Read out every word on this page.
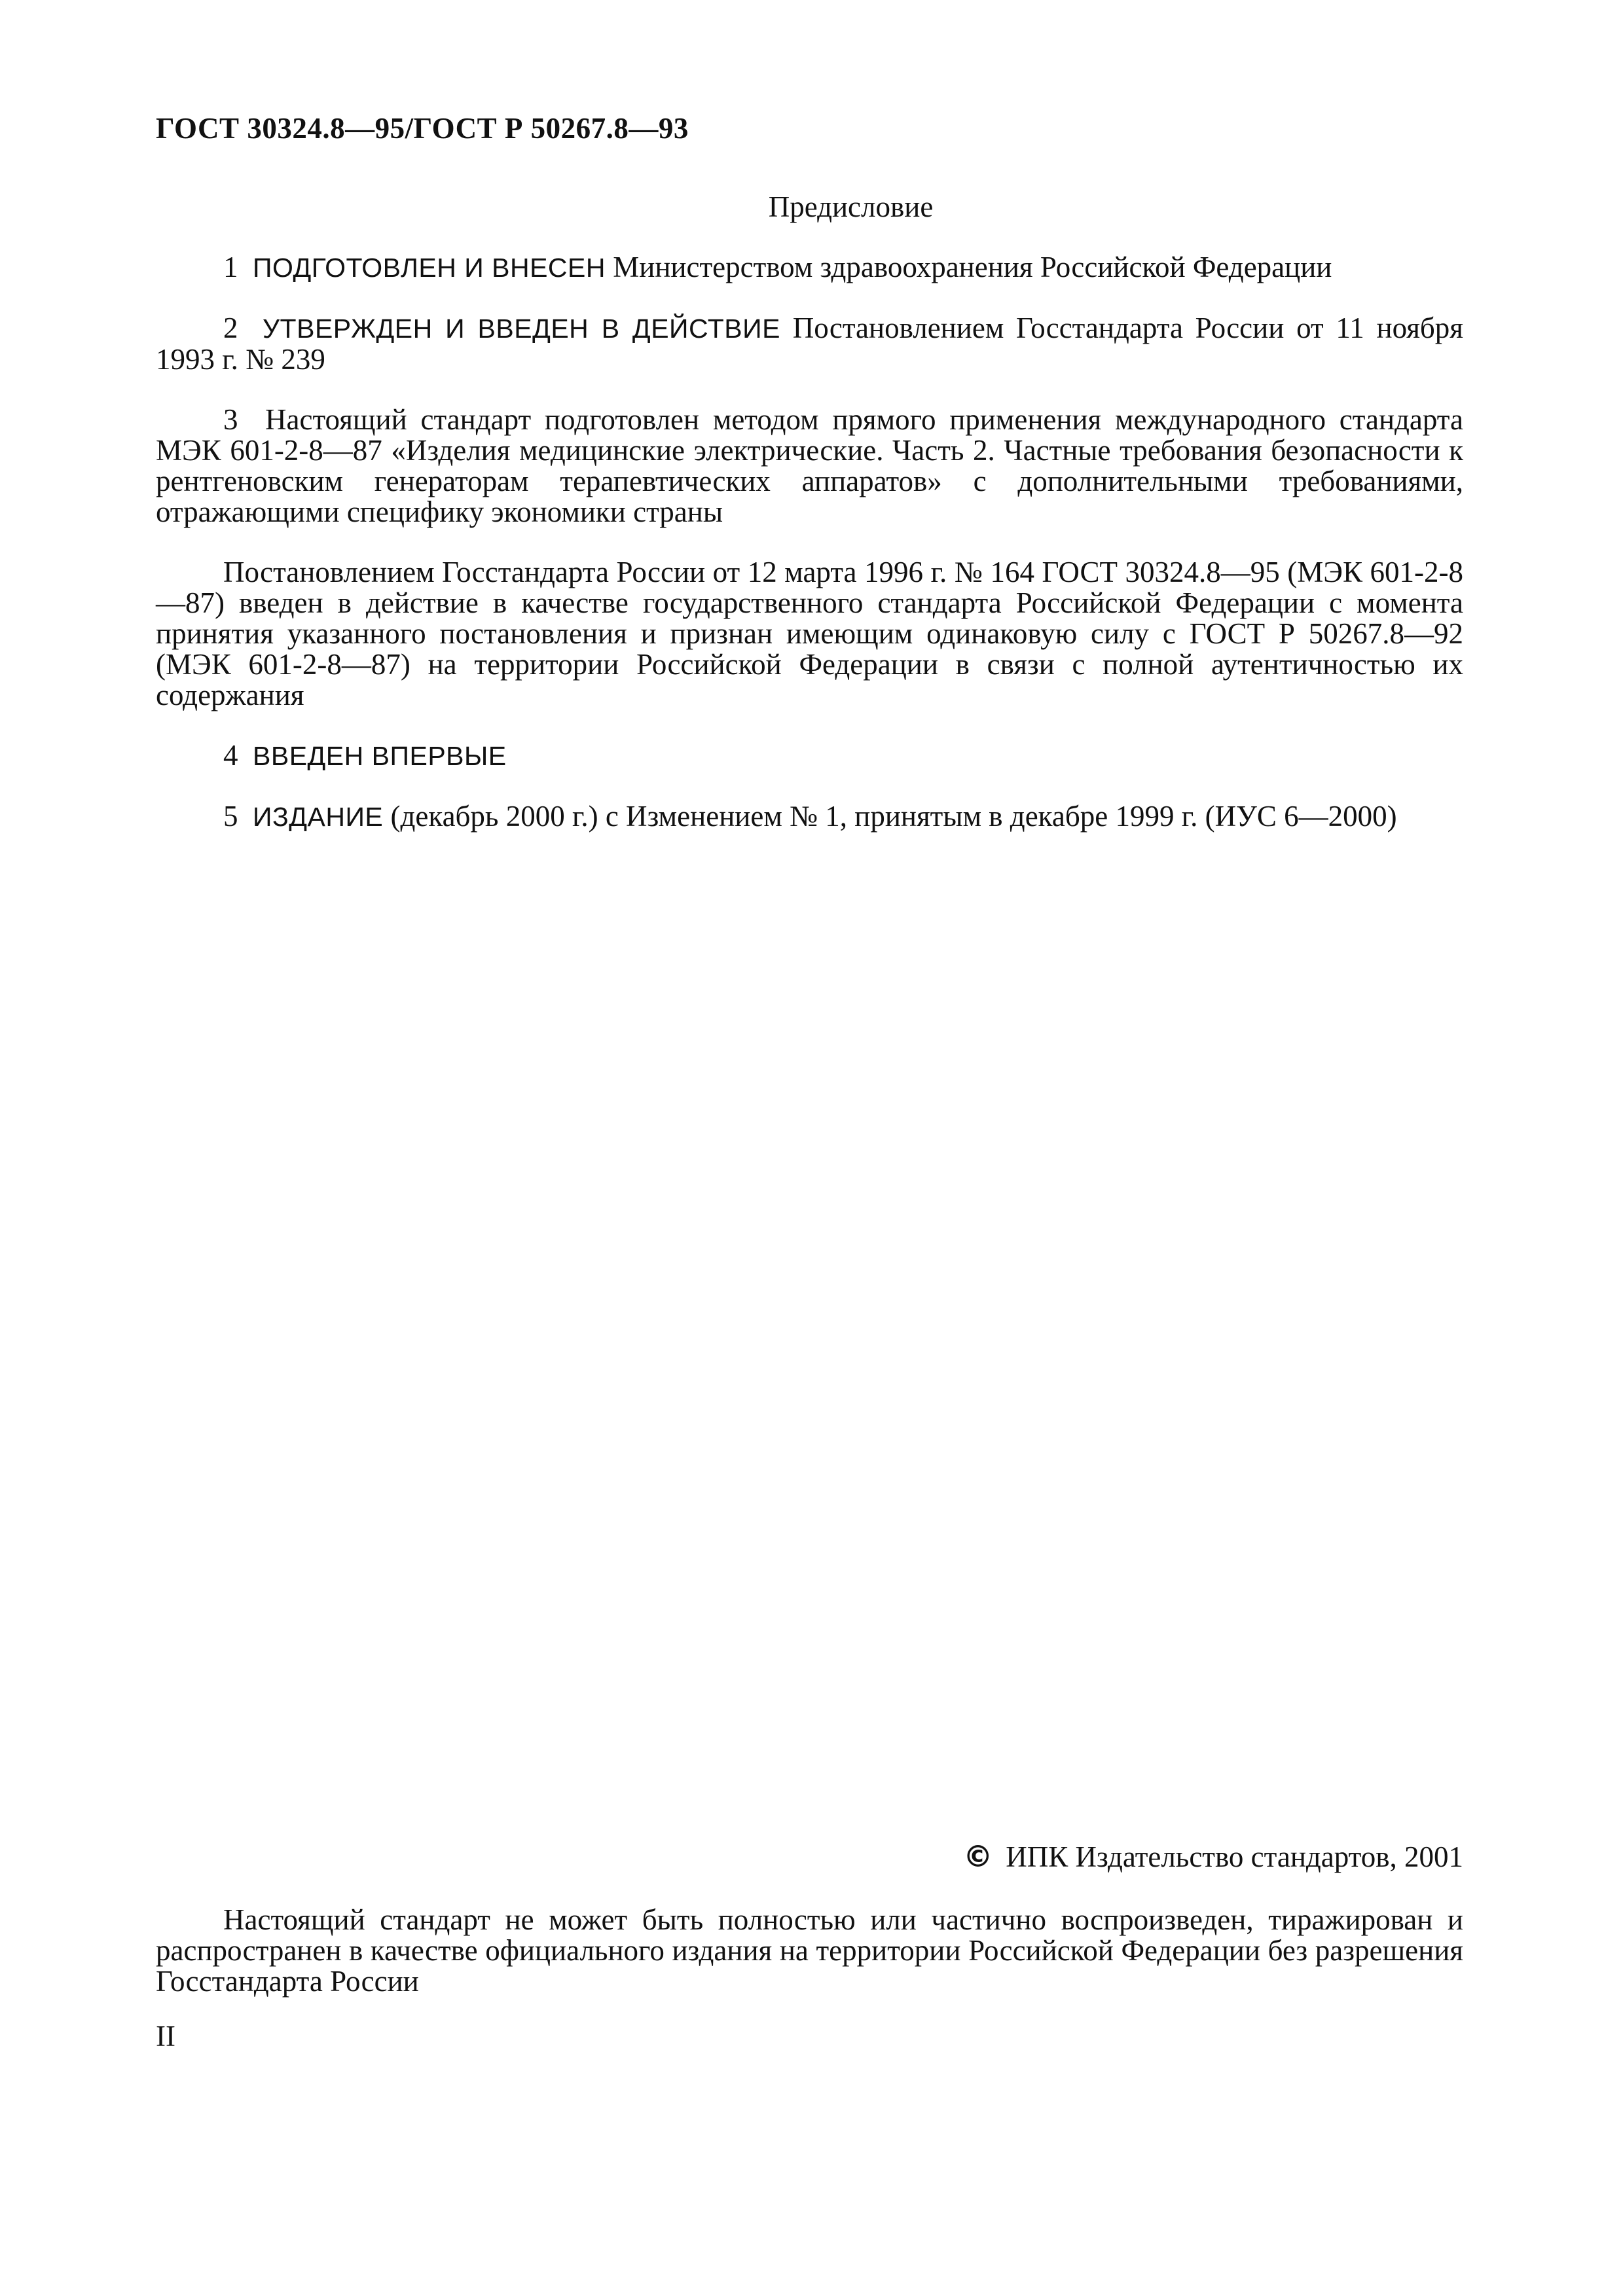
ГОСТ 30324.8—95/ГОСТ Р 50267.8—93
Предисловие

1 ПОДГОТОВЛЕН И ВНЕСЕН Министерством здравоохранения Российской Федерации

2 УТВЕРЖДЕН И ВВЕДЕН В ДЕЙСТВИЕ Постановлением Госстандарта России от 11 ноября 1993 г. № 239

3 Настоящий стандарт подготовлен методом прямого применения международного стандарта МЭК 601-2-8—87 «Изделия медицинские электрические. Часть 2. Частные требования безопасности к рентгеновским генераторам терапевтических аппаратов» с дополнительными требованиями, отражающими специфику экономики страны

Постановлением Госстандарта России от 12 марта 1996 г. № 164 ГОСТ 30324.8—95 (МЭК 601-2-8—87) введен в действие в качестве государственного стандарта Российской Федерации с момента принятия указанного постановления и признан имеющим одинаковую силу с ГОСТ Р 50267.8—92 (МЭК 601-2-8—87) на территории Российской Федерации в связи с полной аутентичностью их содержания

4 ВВЕДЕН ВПЕРВЫЕ

5 ИЗДАНИЕ (декабрь 2000 г.) с Изменением № 1, принятым в декабре 1999 г. (ИУС 6—2000)

© ИПК Издательство стандартов, 2001

Настоящий стандарт не может быть полностью или частично воспроизведен, тиражирован и распространен в качестве официального издания на территории Российской Федерации без разрешения Госстандарта России

II
